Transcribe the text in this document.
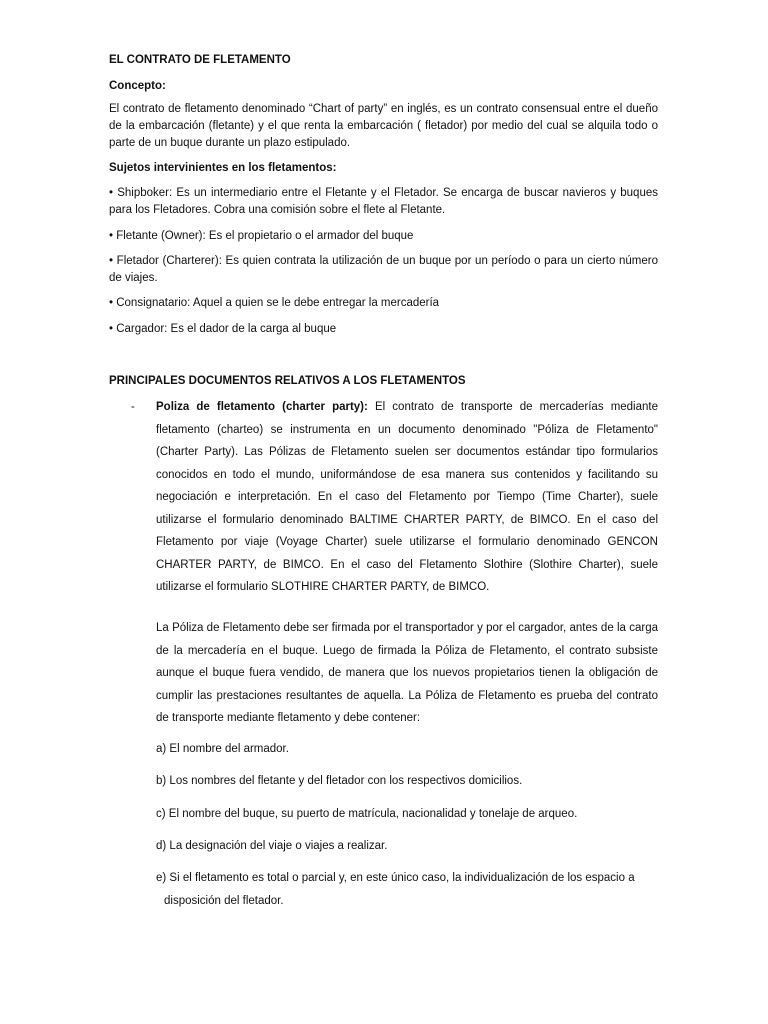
EL CONTRATO DE FLETAMENTO

Concepto:

El contrato de fletamento denominado “Chart of party” en inglés, es un contrato consensual entre el dueño de la embarcación (fletante) y el que renta la embarcación ( fletador) por medio del cual se alquila todo o parte de un buque durante un plazo estipulado.

Sujetos intervinientes en los fletamentos:

• Shipboker: Es un intermediario entre el Fletante y el Fletador. Se encarga de buscar navieros y buques para los Fletadores. Cobra una comisión sobre el flete al Fletante.

• Fletante (Owner): Es el propietario o el armador del buque

• Fletador (Charterer): Es quien contrata la utilización de un buque por un período o para un cierto número de viajes.

• Consignatario: Aquel a quien se le debe entregar la mercadería

• Cargador: Es el dador de la carga al buque

PRINCIPALES DOCUMENTOS RELATIVOS A LOS FLETAMENTOS

- Poliza de fletamento (charter party): El contrato de transporte de mercaderías mediante fletamento (charteo) se instrumenta en un documento denominado "Póliza de Fletamento" (Charter Party). Las Pólizas de Fletamento suelen ser documentos estándar tipo formularios conocidos en todo el mundo, uniformándose de esa manera sus contenidos y facilitando su negociación e interpretación. En el caso del Fletamento por Tiempo (Time Charter), suele utilizarse el formulario denominado BALTIME CHARTER PARTY, de BIMCO. En el caso del Fletamento por viaje (Voyage Charter) suele utilizarse el formulario denominado GENCON CHARTER PARTY, de BIMCO. En el caso del Fletamento Slothire (Slothire Charter), suele utilizarse el formulario SLOTHIRE CHARTER PARTY, de BIMCO.

La Póliza de Fletamento debe ser firmada por el transportador y por el cargador, antes de la carga de la mercadería en el buque. Luego de firmada la Póliza de Fletamento, el contrato subsiste aunque el buque fuera vendido, de manera que los nuevos propietarios tienen la obligación de cumplir las prestaciones resultantes de aquella. La Póliza de Fletamento es prueba del contrato de transporte mediante fletamento y debe contener:

a) El nombre del armador.

b) Los nombres del fletante y del fletador con los respectivos domicilios.

c) El nombre del buque, su puerto de matrícula, nacionalidad y tonelaje de arqueo.

d) La designación del viaje o viajes a realizar.

e) Si el fletamento es total o parcial y, en este único caso, la individualización de los espacio a
disposición del fletador.
